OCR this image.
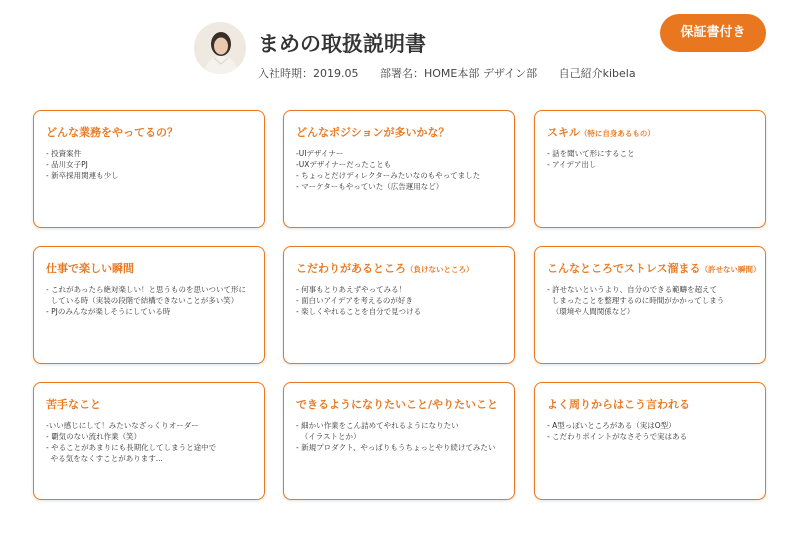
まめの取扱説明書
入社時期：2019.05 部署名：HOME本部 デザイン部 自己紹介kibela
保証書付き
どんな業務をやってるの？
- 投資案件
- 品川女子PJ
- 新卒採用関連も少し
どんなポジションが多いかな？
-UIデザイナー
-UXデザイナーだったことも
- ちょっとだけディレクターみたいなのもやってました
- マーケターもやっていた（広告運用など）
スキル（特に自身あるもの）
- 話を聞いて形にすること
- アイデア出し
仕事で楽しい瞬間
- これがあったら絶対楽しい！と思うものを思いついて形に
している時（実装の段階で結構できないことが多い笑）
- PJのみんなが楽しそうにしている時
こだわりがあるところ（負けないところ）
- 何事もとりあえずやってみる！
- 面白いアイデアを考えるのが好き
- 楽しくやれることを自分で見つける
こんなところでストレス溜まる（許せない瞬間）
- 許せないというより、自分のできる範疇を超えて
しまったことを整理するのに時間がかかってしまう
（環境や人間関係など）
苦手なこと
-いい感じにして！みたいなざっくりオーダー
- 覇気のない流れ作業（笑）
- やることがあまりにも長期化してしまうと途中で
やる気をなくすことがあります...
できるようになりたいこと/やりたいこと
- 細かい作業をこん詰めてやれるようになりたい
（イラストとか）
- 新規プロダクト、やっぱりもうちょっとやり続けてみたい
よく周りからはこう言われる
- A型っぽいところがある（実はO型）
- こだわりポイントがなさそうで実はある
